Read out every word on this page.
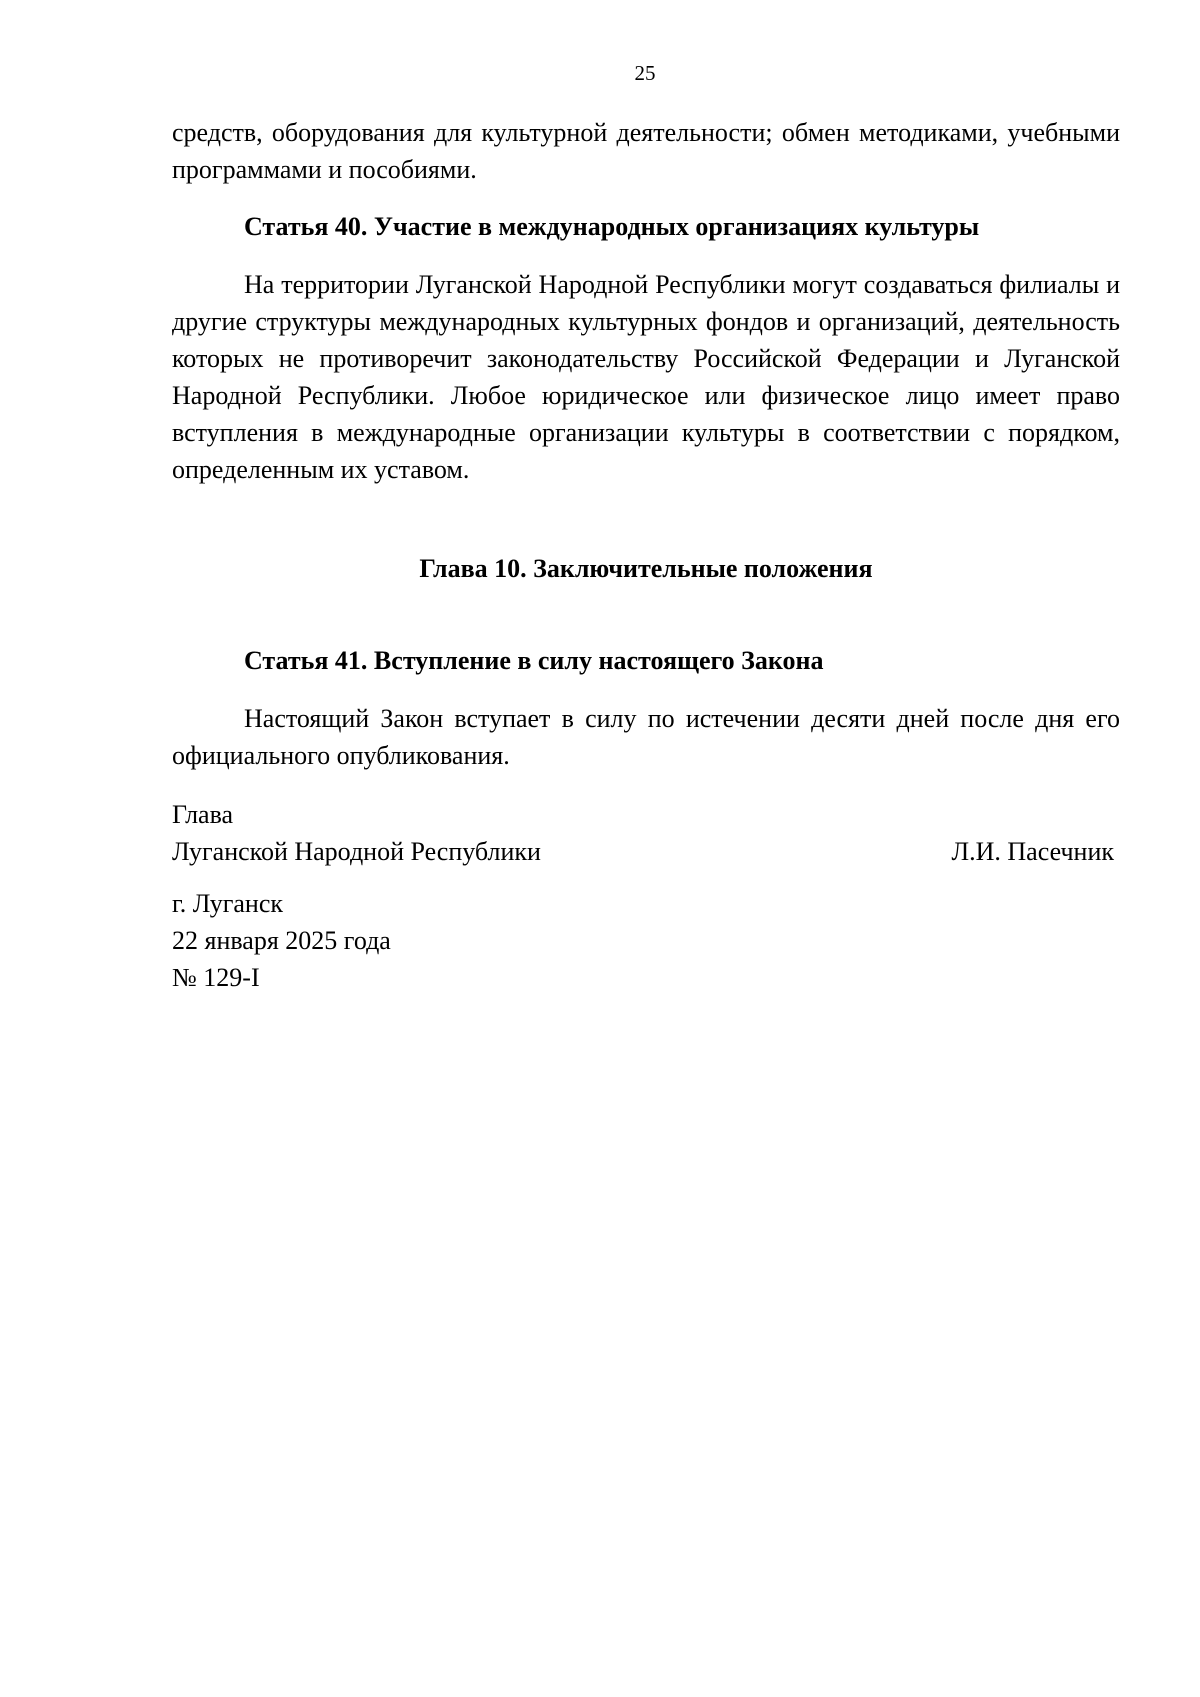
25

средств, оборудования для культурной деятельности; обмен методиками, учебными программами и пособиями.

Статья 40. Участие в международных организациях культуры

На территории Луганской Народной Республики могут создаваться филиалы и другие структуры международных культурных фондов и организаций, деятельность которых не противоречит законодательству Российской Федерации и Луганской Народной Республики. Любое юридическое или физическое лицо имеет право вступления в международные организации культуры в соответствии с порядком, определенным их уставом.

Глава 10. Заключительные положения

Статья 41. Вступление в силу настоящего Закона

Настоящий Закон вступает в силу по истечении десяти дней после дня его официального опубликования.

Глава
Луганской Народной Республики	Л.И. Пасечник
г. Луганск
22 января 2025 года
№ 129-I
